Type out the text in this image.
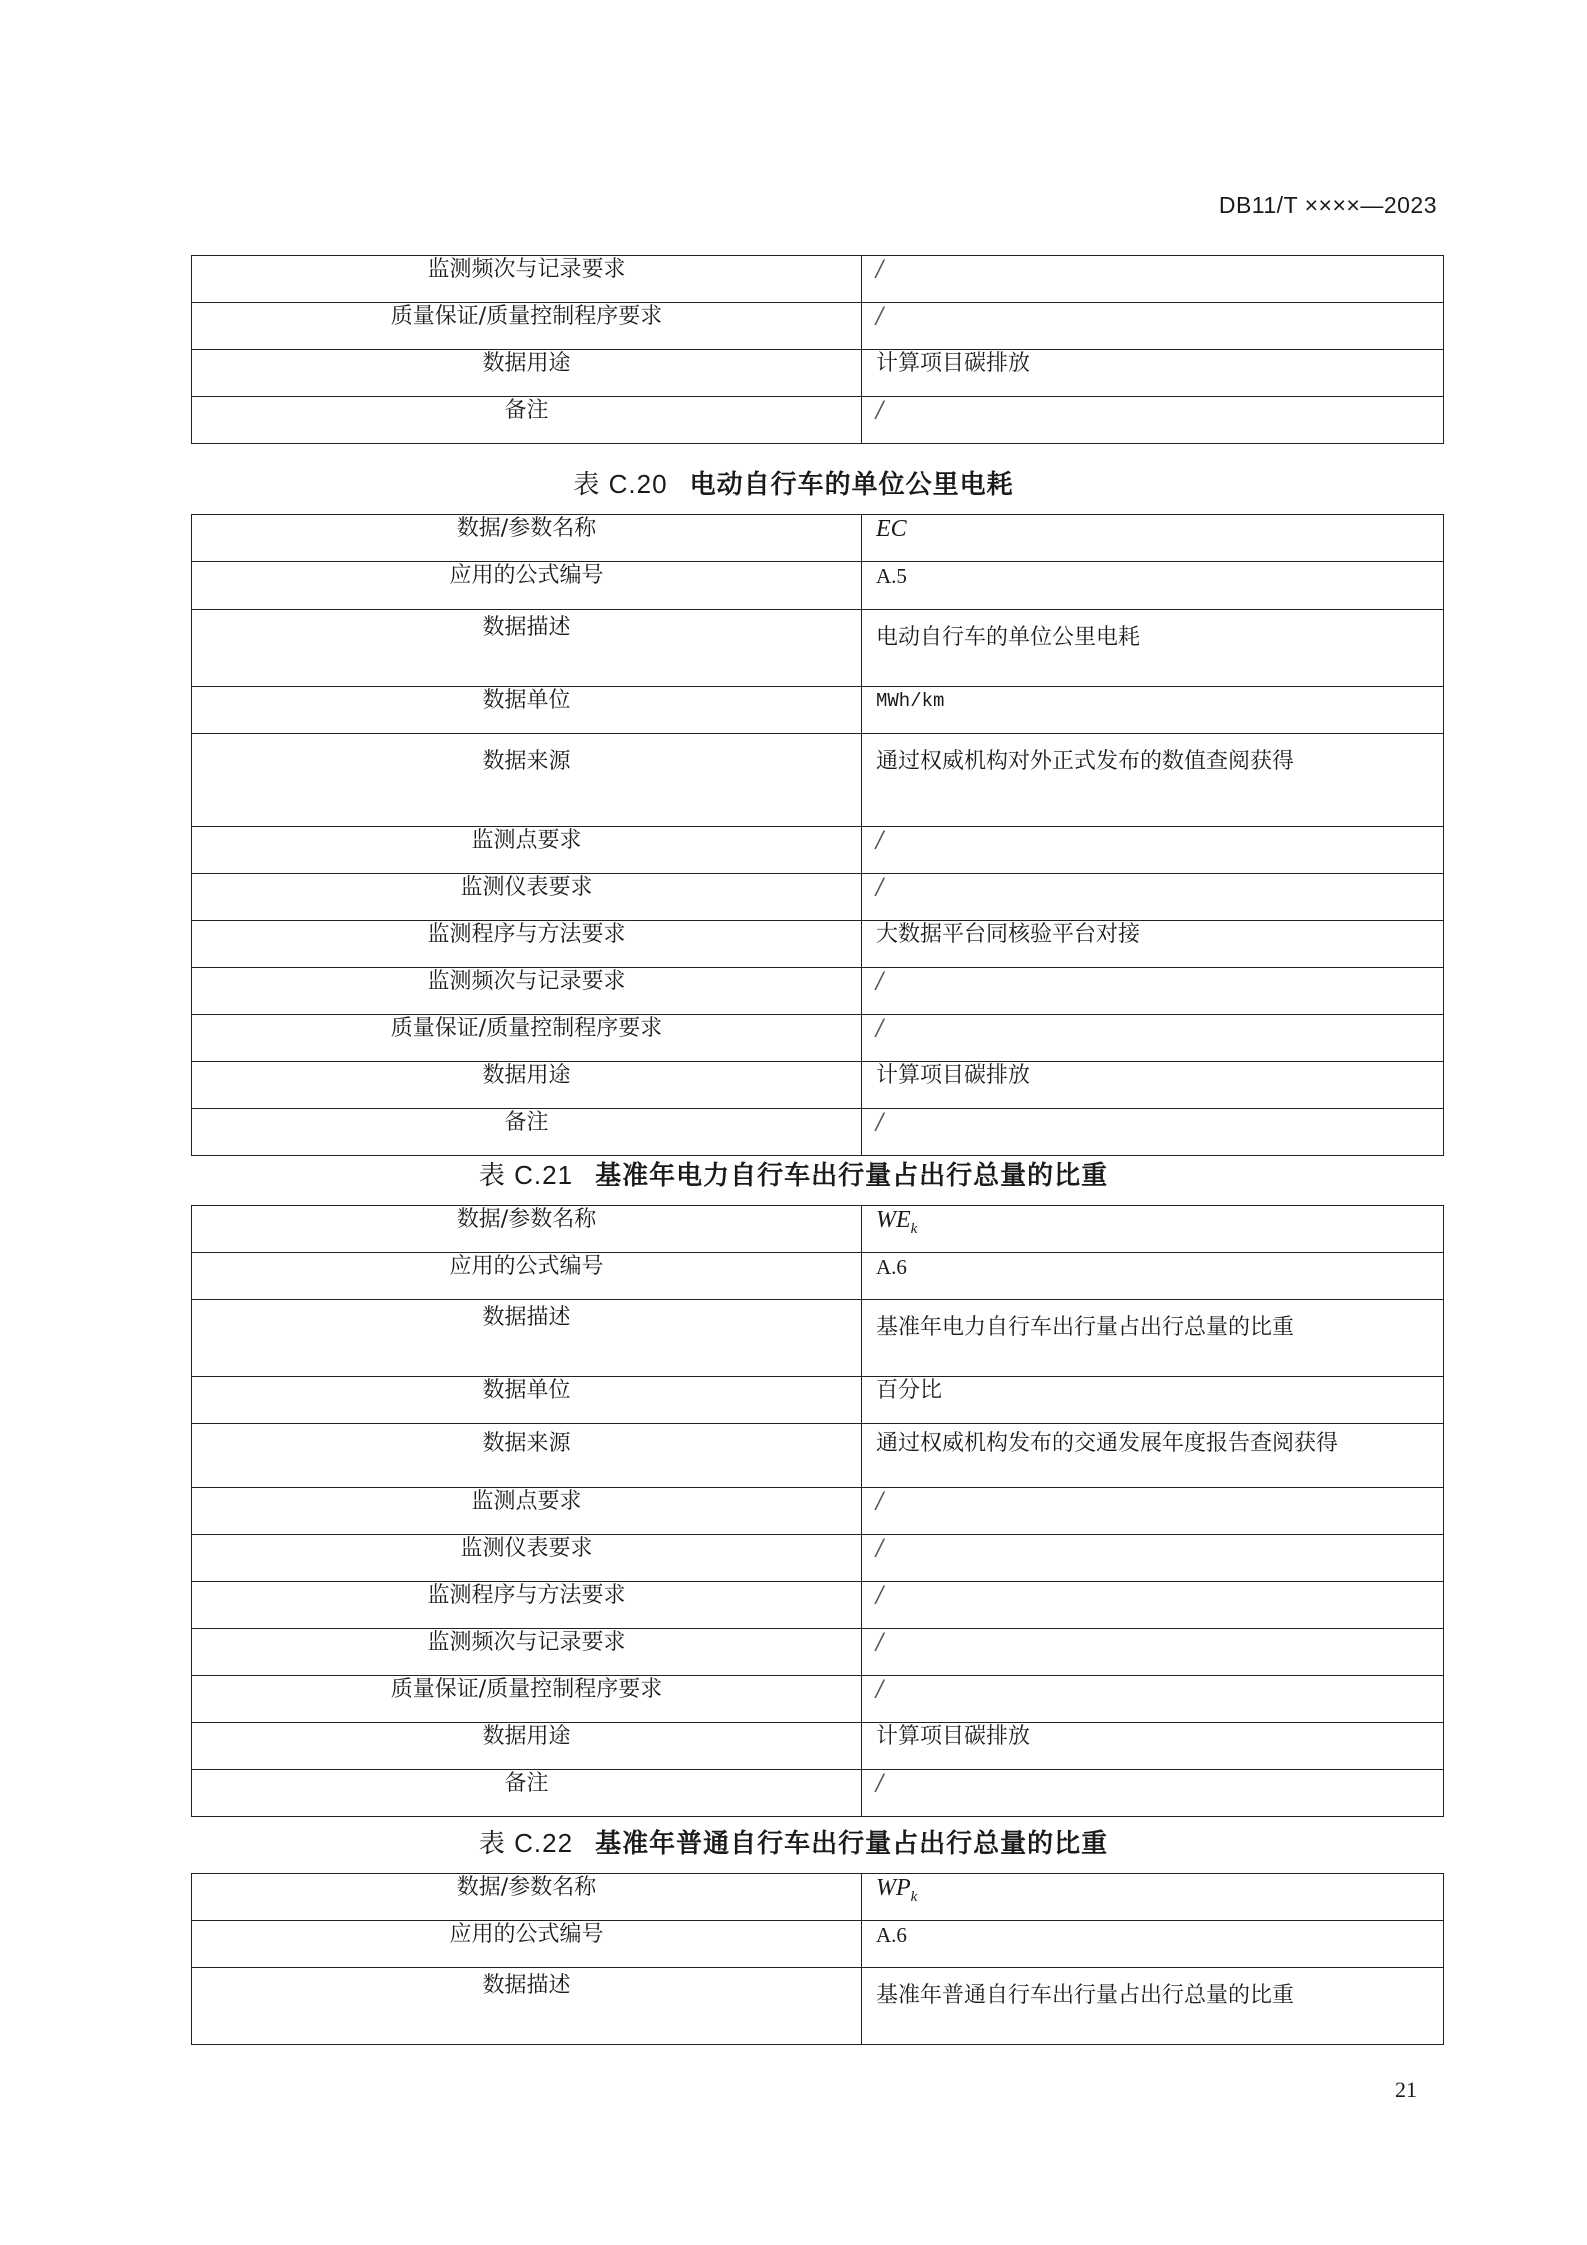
DB11/T ××××—2023

监测频次与记录要求	/
质量保证/质量控制程序要求	/
数据用途	计算项目碳排放
备注	/

表 C.20 电动自行车的单位公里电耗

数据/参数名称	EC
应用的公式编号	A.5
数据描述	电动自行车的单位公里电耗
数据单位	MWh/km
数据来源	通过权威机构对外正式发布的数值查阅获得
监测点要求	/
监测仪表要求	/
监测程序与方法要求	大数据平台同核验平台对接
监测频次与记录要求	/
质量保证/质量控制程序要求	/
数据用途	计算项目碳排放
备注	/

表 C.21 基准年电力自行车出行量占出行总量的比重

数据/参数名称	$WE_k$
应用的公式编号	A.6
数据描述	基准年电力自行车出行量占出行总量的比重
数据单位	百分比
数据来源	通过权威机构发布的交通发展年度报告查阅获得
监测点要求	/
监测仪表要求	/
监测程序与方法要求	/
监测频次与记录要求	/
质量保证/质量控制程序要求	/
数据用途	计算项目碳排放
备注	/

表 C.22 基准年普通自行车出行量占出行总量的比重

数据/参数名称	$WP_k$
应用的公式编号	A.6
数据描述	基准年普通自行车出行量占出行总量的比重

21
